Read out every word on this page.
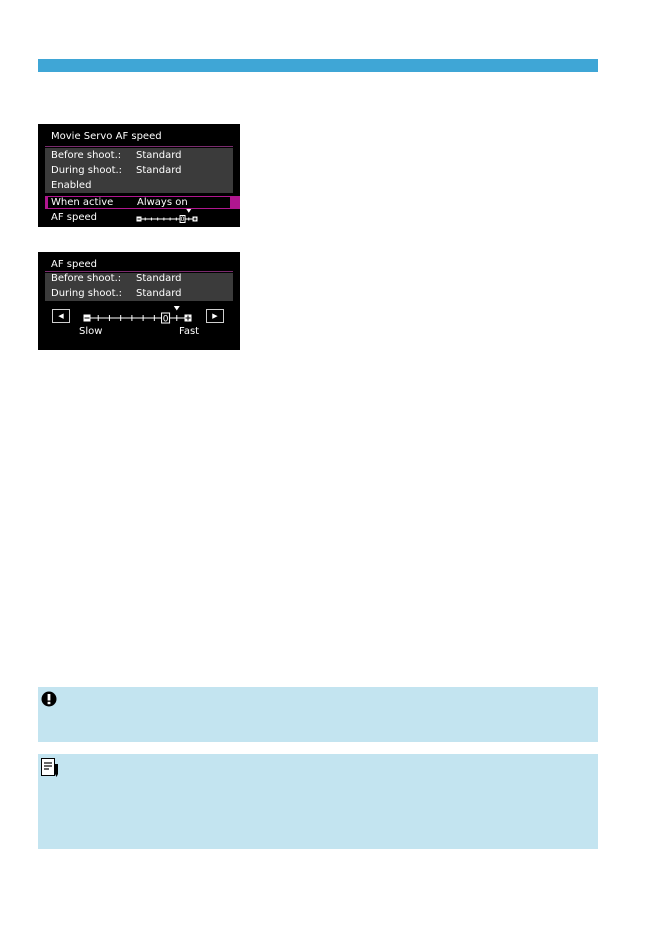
Movie Servo AF speed
Before shoot.: Standard
During shoot.: Standard
Enabled
When active Always on
AF speed	0
AF speed
Before shoot.: Standard
During shoot.: Standard
◀	▶
0
Slow	Fast
